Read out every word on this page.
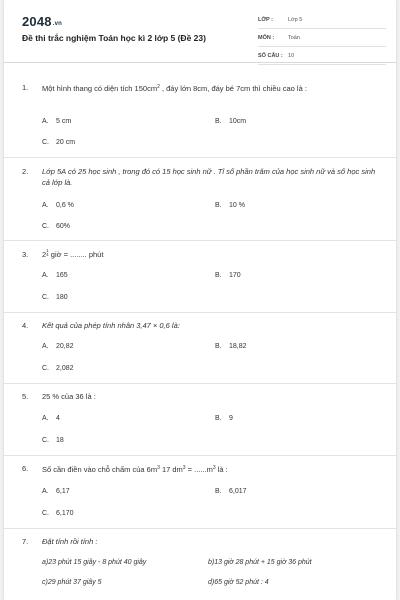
2048.vn
Đề thi trắc nghiệm Toán học kì 2 lớp 5 (Đề 23)
LỚP :	Lớp 5
MÔN :	Toán
SỐ CÂU : 10
1.	Một hình thang có diện tích $150cm^2$ , đáy lớn 8cm, đáy bé 7cm thì chiều cao là :
A. 5 cm	B. 10cm
C. 20 cm
2.	Lớp 5A có 25 học sinh , trong đó có 15 học sinh nữ . Tỉ số phần trăm của học sinh nữ và số học sinh cả lớp là.
A. 0,6 %	B. 10 %
C. 60%
3.	21
4 giờ = ........ phút
A. 165	B. 170
C. 180
4.	Kết quả của phép tính nhân 3,47 × 0,6 là:
A. 20,82	B. 18,82
C. 2,082
5.	25 % của 36 là :
A. 4	B. 9
C. 18
6.	Số cần điền vào chỗ chấm của $6m^3$ 17 $dm^3 = ......m^3$ là :
A. 6,17	B. 6,017
C. 6,170
7.	Đặt tính rồi tính :
a)23 phút 15 giây - 8 phút 40 giây	b)13 giờ 28 phút + 15 giờ 36 phút
c)29 phút 37 giây 5	d)65 giờ 52 phút : 4
